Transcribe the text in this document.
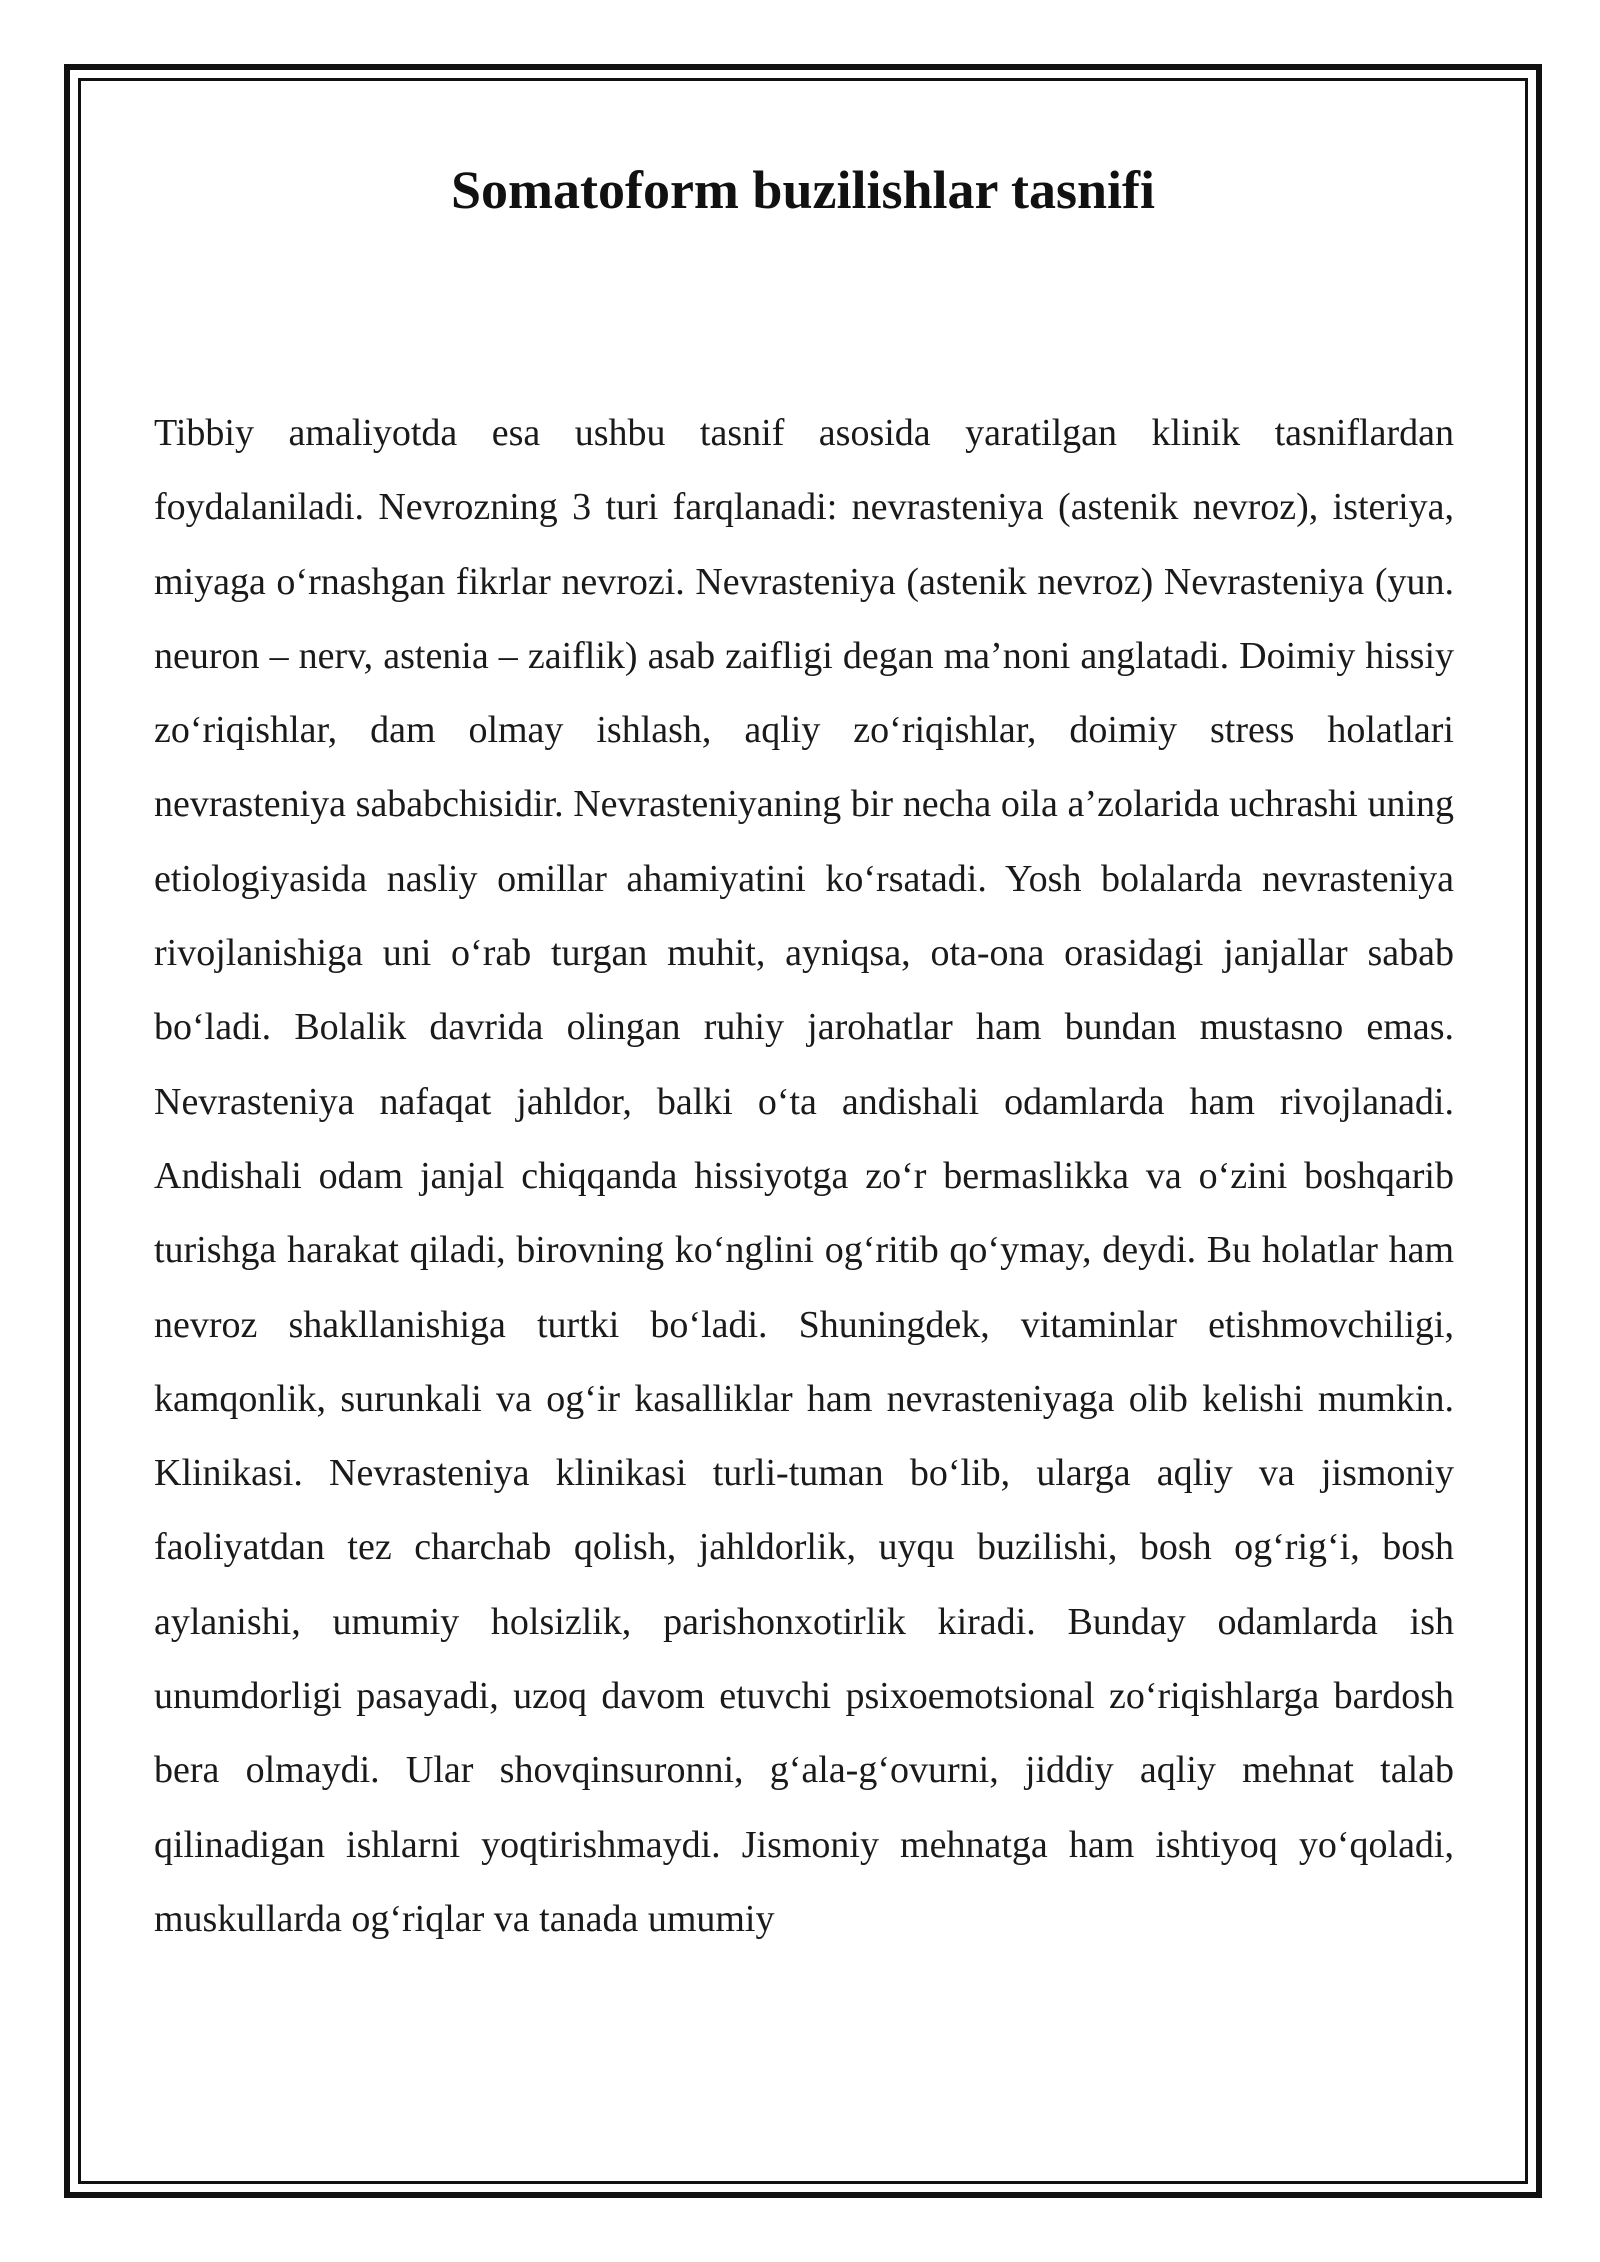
Somatoform buzilishlar tasnifi

Tibbiy amaliyotda esa ushbu tasnif asosida yaratilgan klinik tasniflardan foydalaniladi. Nevrozning 3 turi farqlanadi: nevrasteniya (astenik nevroz), isteriya, miyaga o‘rnashgan fikrlar nevrozi. Nevrasteniya (astenik nevroz) Nevrasteniya (yun. neuron – nerv, astenia – zaiflik) asab zaifligi degan ma’noni anglatadi. Doimiy hissiy zo‘riqishlar, dam olmay ishlash, aqliy zo‘riqishlar, doimiy stress holatlari nevrasteniya sababchisidir. Nevrasteniyaning bir necha oila a’zolarida uchrashi uning etiologiyasida nasliy omillar ahamiyatini ko‘rsatadi. Yosh bolalarda nevrasteniya rivojlanishiga uni o‘rab turgan muhit, ayniqsa, ota-ona orasidagi janjallar sabab bo‘ladi. Bolalik davrida olingan ruhiy jarohatlar ham bundan mustasno emas. Nevrasteniya nafaqat jahldor, balki o‘ta andishali odamlarda ham rivojlanadi. Andishali odam janjal chiqqanda hissiyotga zo‘r bermaslikka va o‘zini boshqarib turishga harakat qiladi, birovning ko‘nglini og‘ritib qo‘ymay, deydi. Bu holatlar ham nevroz shakllanishiga turtki bo‘ladi. Shuningdek, vitaminlar etishmovchiligi, kamqonlik, surunkali va og‘ir kasalliklar ham nevrasteniyaga olib kelishi mumkin. Klinikasi. Nevrasteniya klinikasi turli-tuman bo‘lib, ularga aqliy va jismoniy faoliyatdan tez charchab qolish, jahldorlik, uyqu buzilishi, bosh og‘rig‘i, bosh aylanishi, umumiy holsizlik, parishonxotirlik kiradi. Bunday odamlarda ish unumdorligi pasayadi, uzoq davom etuvchi psixoemotsional zo‘riqishlarga bardosh bera olmaydi. Ular shovqinsuronni, g‘ala-g‘ovurni, jiddiy aqliy mehnat talab qilinadigan ishlarni yoqtirishmaydi. Jismoniy mehnatga ham ishtiyoq yo‘qoladi, muskullarda og‘riqlar va tanada umumiy
